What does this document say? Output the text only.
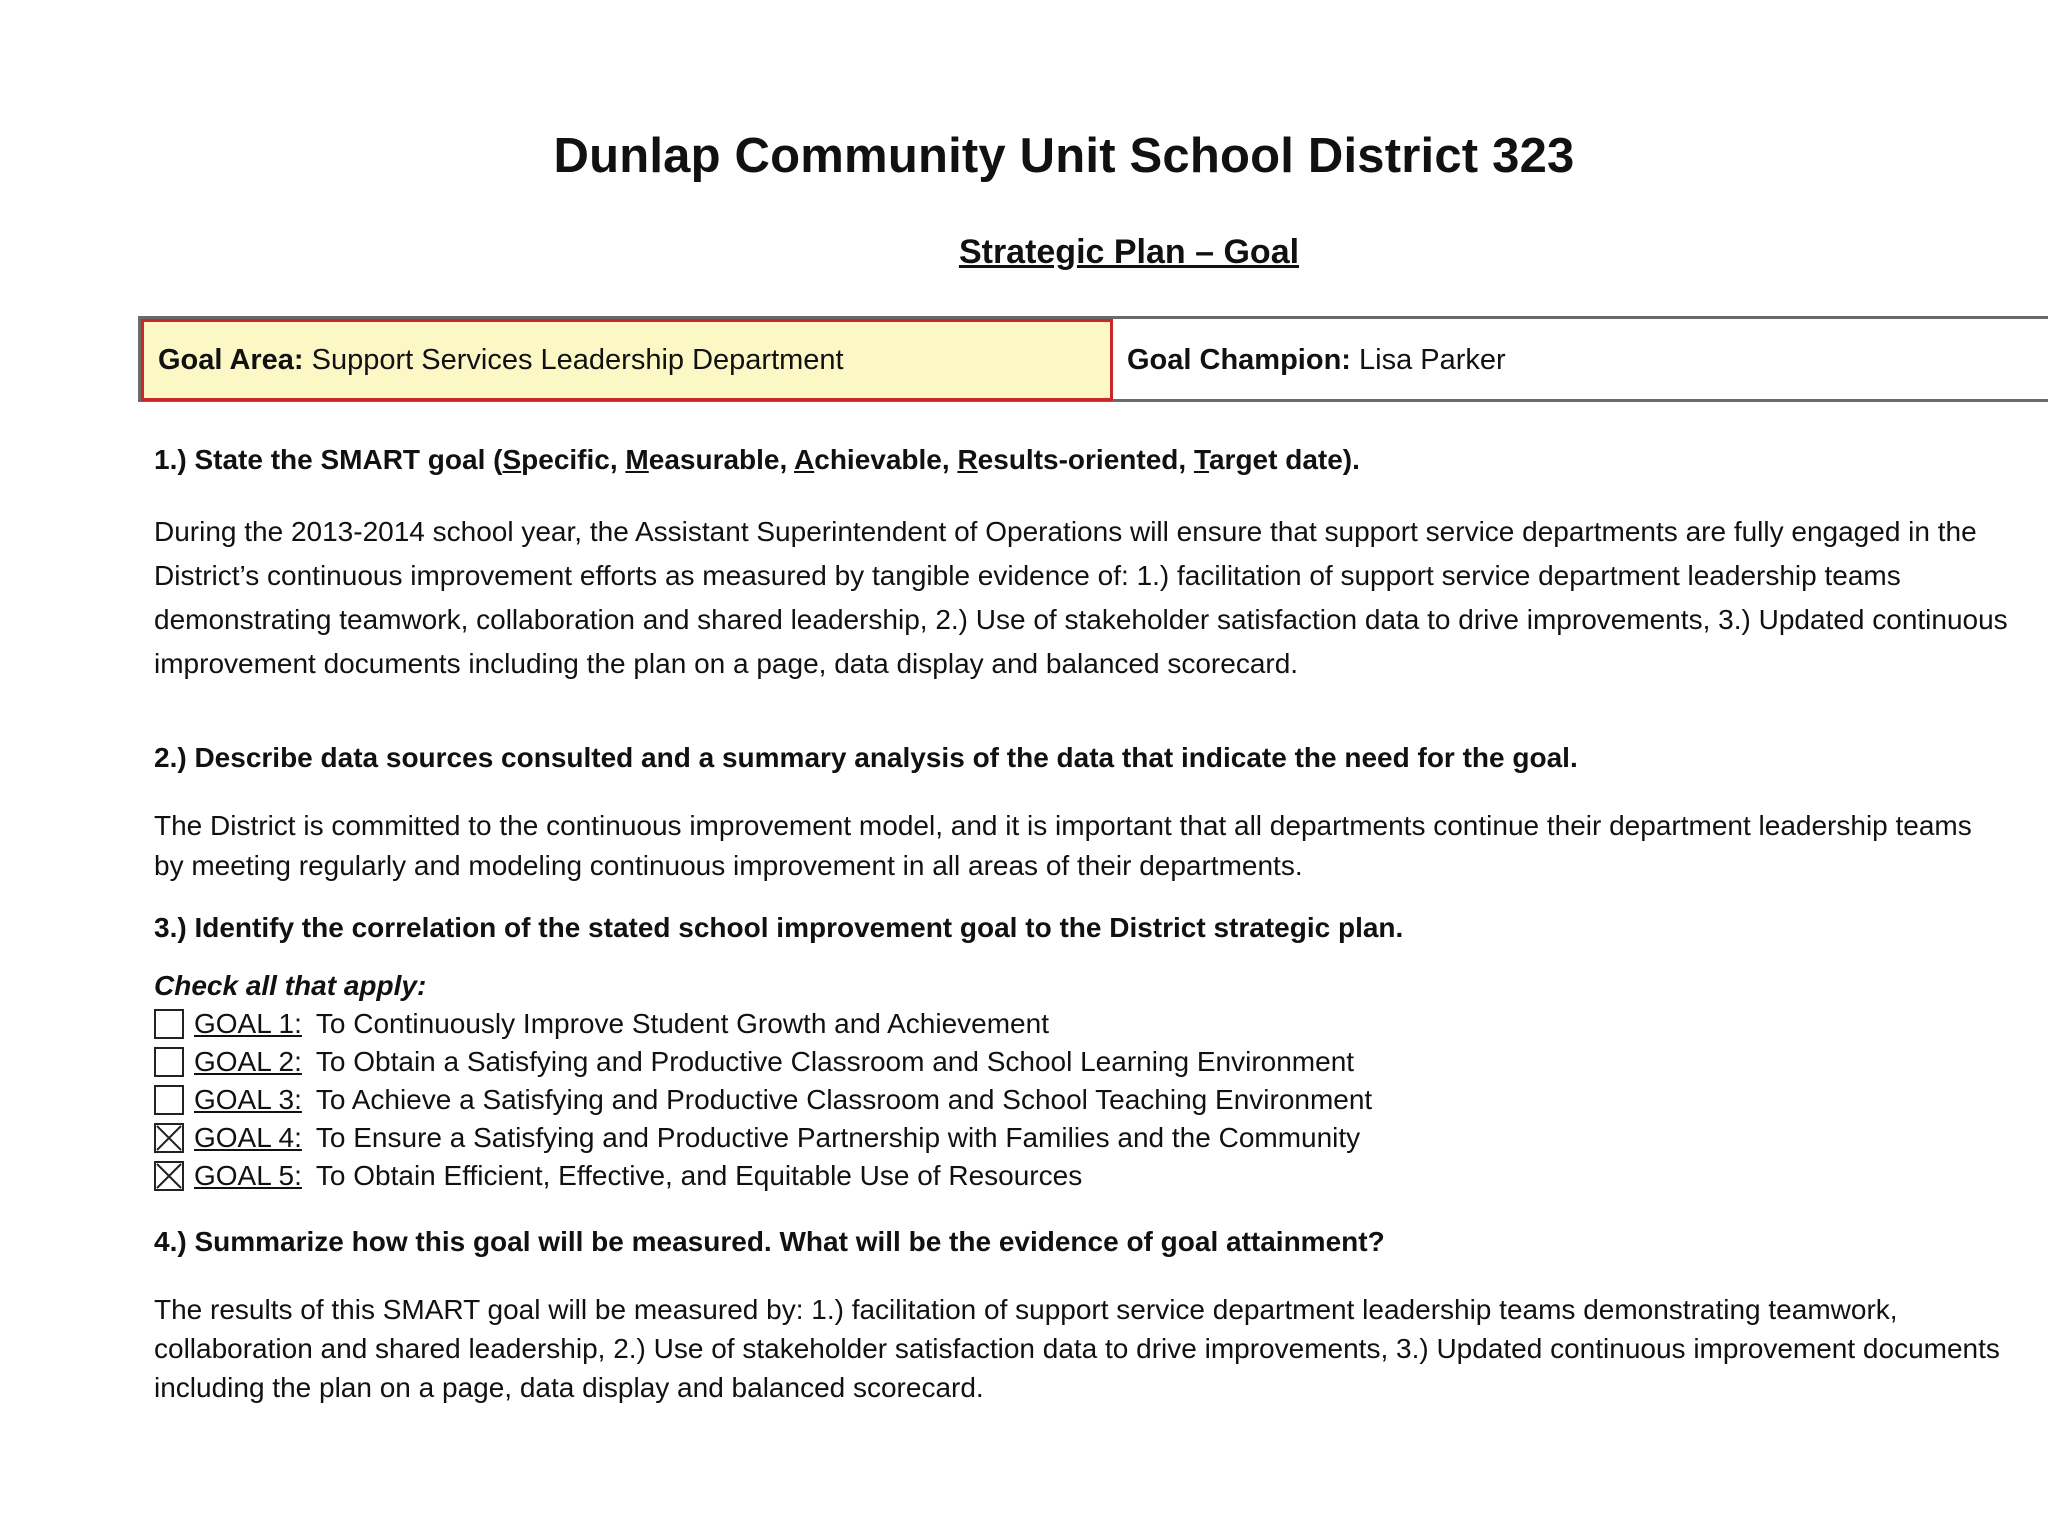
Dunlap Community Unit School District 323
Strategic Plan – Goal
Goal Area: Support Services Leadership Department	Goal Champion: Lisa Parker
1.) State the SMART goal (Specific, Measurable, Achievable, Results-oriented, Target date).
During the 2013-2014 school year, the Assistant Superintendent of Operations will ensure that support service departments are fully engaged in the
District’s continuous improvement efforts as measured by tangible evidence of: 1.) facilitation of support service department leadership teams
demonstrating teamwork, collaboration and shared leadership, 2.) Use of stakeholder satisfaction data to drive improvements, 3.) Updated continuous
improvement documents including the plan on a page, data display and balanced scorecard.
2.) Describe data sources consulted and a summary analysis of the data that indicate the need for the goal.
The District is committed to the continuous improvement model, and it is important that all departments continue their department leadership teams
by meeting regularly and modeling continuous improvement in all areas of their departments.
3.) Identify the correlation of the stated school improvement goal to the District strategic plan.
Check all that apply:
GOAL 1: To Continuously Improve Student Growth and Achievement
GOAL 2: To Obtain a Satisfying and Productive Classroom and School Learning Environment
GOAL 3: To Achieve a Satisfying and Productive Classroom and School Teaching Environment
GOAL 4: To Ensure a Satisfying and Productive Partnership with Families and the Community
GOAL 5: To Obtain Efficient, Effective, and Equitable Use of Resources
4.) Summarize how this goal will be measured. What will be the evidence of goal attainment?
The results of this SMART goal will be measured by: 1.) facilitation of support service department leadership teams demonstrating teamwork,
collaboration and shared leadership, 2.) Use of stakeholder satisfaction data to drive improvements, 3.) Updated continuous improvement documents
including the plan on a page, data display and balanced scorecard.
